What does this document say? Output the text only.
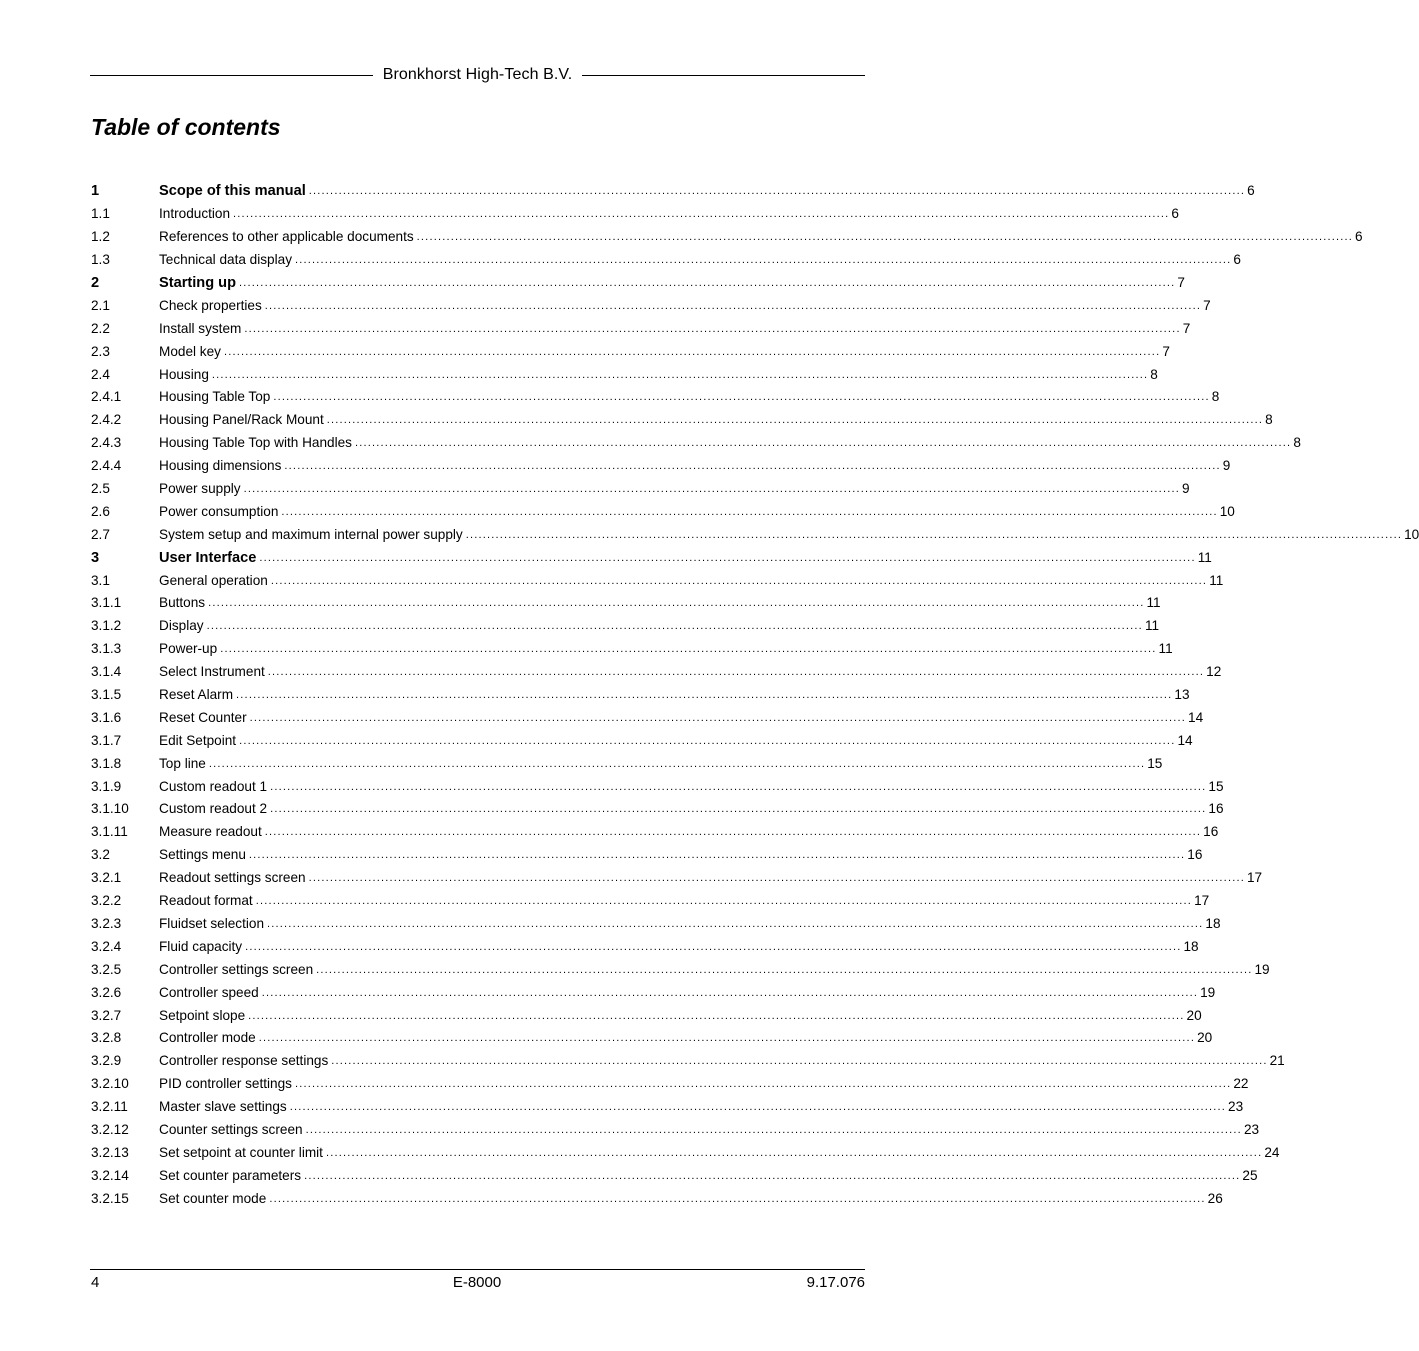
Bronkhorst High-Tech B.V.
Table of contents
1	Scope of this manual ............................................................................................................................................................................................................................ 6
1.1	Introduction ............................................................................................................................................................................................................................ 6
1.2	References to other applicable documents ............................................................................................................................................................................................................................ 6
1.3	Technical data display ............................................................................................................................................................................................................................ 6
2	Starting up ............................................................................................................................................................................................................................ 7
2.1	Check properties ............................................................................................................................................................................................................................ 7
2.2	Install system ............................................................................................................................................................................................................................ 7
2.3	Model key ............................................................................................................................................................................................................................ 7
2.4	Housing ............................................................................................................................................................................................................................ 8
2.4.1	Housing Table Top ............................................................................................................................................................................................................................ 8
2.4.2	Housing Panel/Rack Mount ............................................................................................................................................................................................................................ 8
2.4.3	Housing Table Top with Handles ............................................................................................................................................................................................................................ 8
2.4.4	Housing dimensions ............................................................................................................................................................................................................................ 9
2.5	Power supply ............................................................................................................................................................................................................................ 9
2.6	Power consumption ............................................................................................................................................................................................................................ 10
2.7	System setup and maximum internal power supply ............................................................................................................................................................................................................................ 10
3	User Interface ............................................................................................................................................................................................................................ 11
3.1	General operation ............................................................................................................................................................................................................................ 11
3.1.1	Buttons ............................................................................................................................................................................................................................ 11
3.1.2	Display ............................................................................................................................................................................................................................ 11
3.1.3	Power-up ............................................................................................................................................................................................................................ 11
3.1.4	Select Instrument ............................................................................................................................................................................................................................ 12
3.1.5	Reset Alarm ............................................................................................................................................................................................................................ 13
3.1.6	Reset Counter ............................................................................................................................................................................................................................ 14
3.1.7	Edit Setpoint ............................................................................................................................................................................................................................ 14
3.1.8	Top line ............................................................................................................................................................................................................................ 15
3.1.9	Custom readout 1 ............................................................................................................................................................................................................................ 15
3.1.10	Custom readout 2 ............................................................................................................................................................................................................................ 16
3.1.11	Measure readout ............................................................................................................................................................................................................................ 16
3.2	Settings menu ............................................................................................................................................................................................................................ 16
3.2.1	Readout settings screen ............................................................................................................................................................................................................................ 17
3.2.2	Readout format ............................................................................................................................................................................................................................ 17
3.2.3	Fluidset selection ............................................................................................................................................................................................................................ 18
3.2.4	Fluid capacity ............................................................................................................................................................................................................................ 18
3.2.5	Controller settings screen ............................................................................................................................................................................................................................ 19
3.2.6	Controller speed ............................................................................................................................................................................................................................ 19
3.2.7	Setpoint slope ............................................................................................................................................................................................................................ 20
3.2.8	Controller mode ............................................................................................................................................................................................................................ 20
3.2.9	Controller response settings ............................................................................................................................................................................................................................ 21
3.2.10	PID controller settings ............................................................................................................................................................................................................................ 22
3.2.11	Master slave settings ............................................................................................................................................................................................................................ 23
3.2.12	Counter settings screen ............................................................................................................................................................................................................................ 23
3.2.13	Set setpoint at counter limit ............................................................................................................................................................................................................................ 24
3.2.14	Set counter parameters ............................................................................................................................................................................................................................ 25
3.2.15	Set counter mode ............................................................................................................................................................................................................................ 26
4	E-8000	9.17.076
